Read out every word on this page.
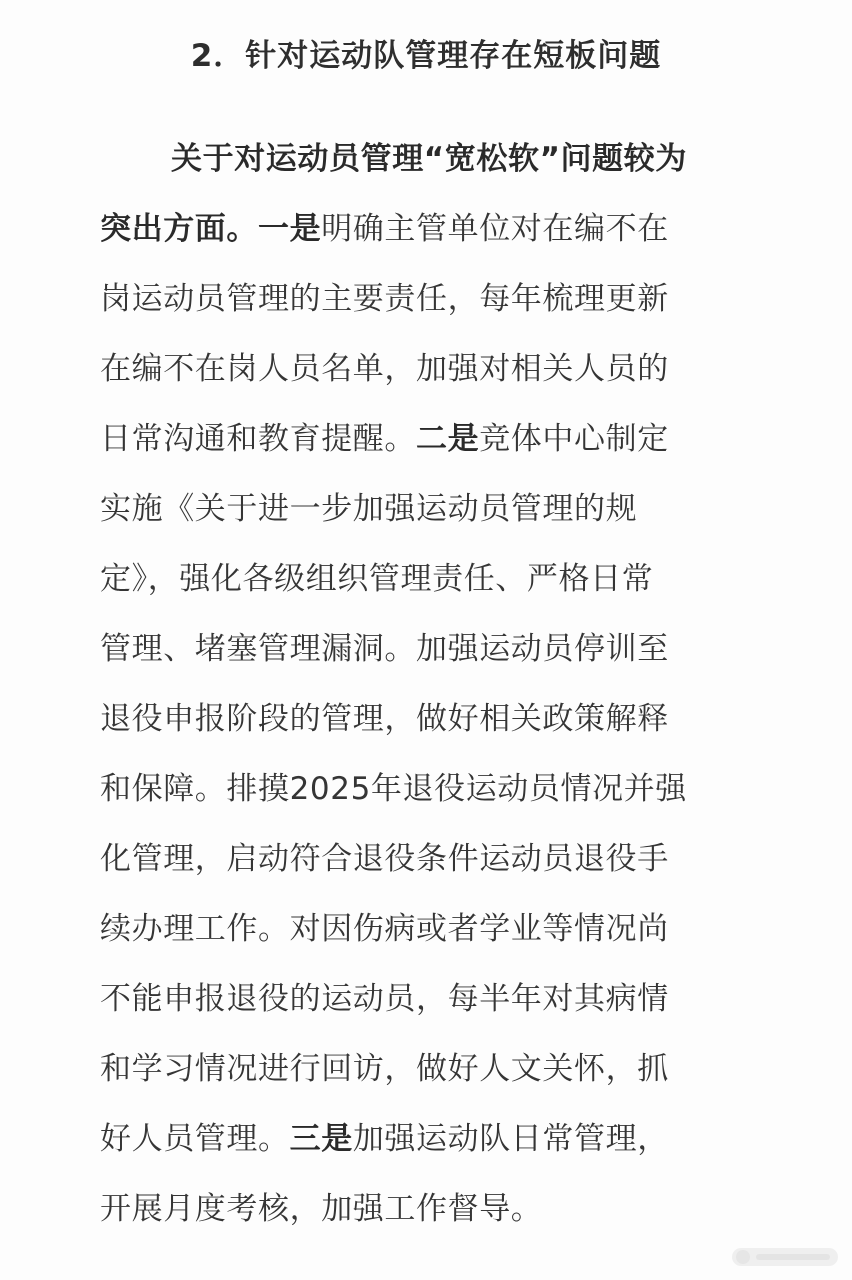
2．针对运动队管理存在短板问题
关于对运动员管理“宽松软”问题较为
突出方面。一是明确主管单位对在编不在
岗运动员管理的主要责任，每年梳理更新
在编不在岗人员名单，加强对相关人员的
日常沟通和教育提醒。二是竞体中心制定
实施《关于进一步加强运动员管理的规
定》，强化各级组织管理责任、严格日常
管理、堵塞管理漏洞。加强运动员停训至
退役申报阶段的管理，做好相关政策解释
和保障。排摸2025年退役运动员情况并强
化管理，启动符合退役条件运动员退役手
续办理工作。对因伤病或者学业等情况尚
不能申报退役的运动员，每半年对其病情
和学习情况进行回访，做好人文关怀，抓
好人员管理。三是加强运动队日常管理，
开展月度考核，加强工作督导。
